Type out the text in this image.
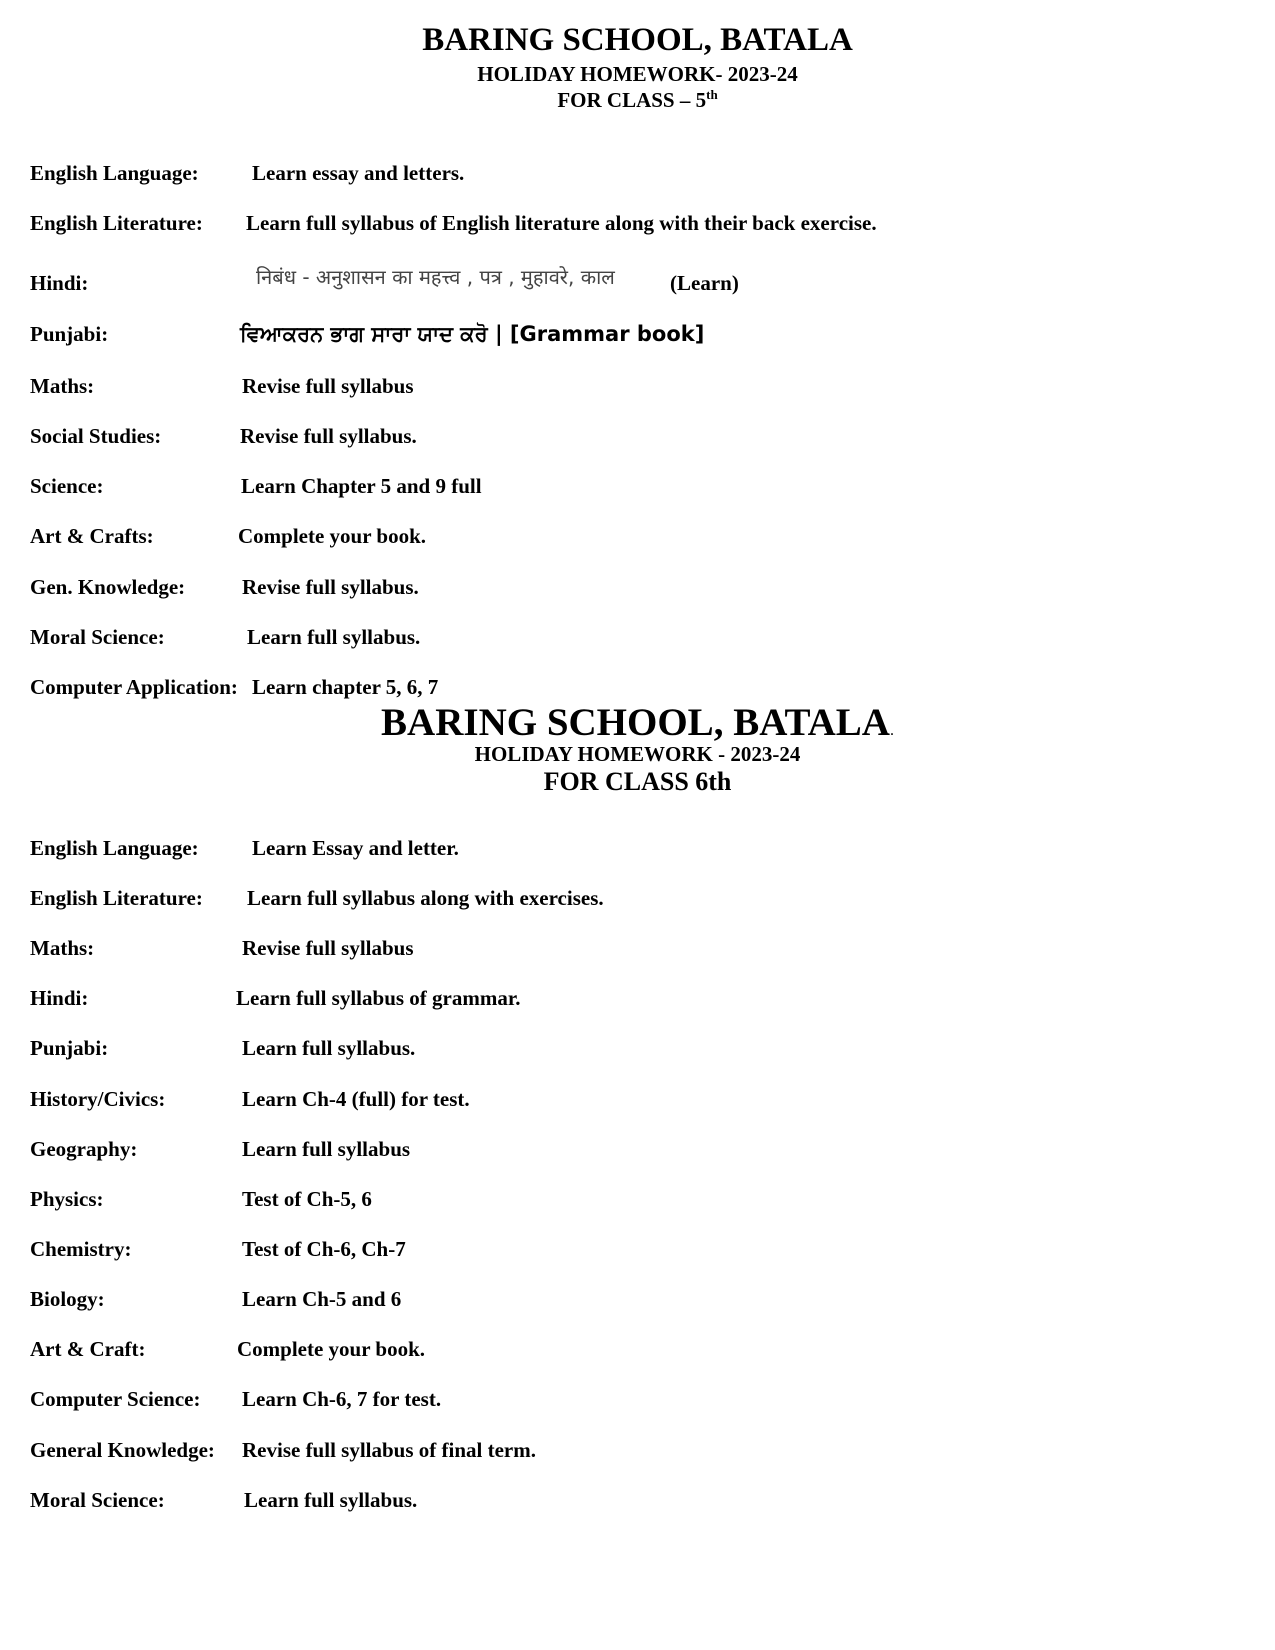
BARING SCHOOL, BATALA
HOLIDAY HOMEWORK- 2023-24
FOR CLASS – 5th
English Language:	Learn essay and letters.
English Literature: Learn full syllabus of English literature along with their back exercise.
Hindi:	निबंध - अनुशासन का महत्त्व , पत्र , मुहावरे, काल	(Learn)
Punjabi:	ਵਿਆਕਰਨ ਭਾਗ ਸਾਰਾ ਯਾਦ ਕਰੋ | [Grammar book]
Maths:	Revise full syllabus
Social Studies:	Revise full syllabus.
Science:	Learn Chapter 5 and 9 full
Art & Crafts:	Complete your book.
Gen. Knowledge:	Revise full syllabus.
Moral Science:	Learn full syllabus.
Computer Application: Learn chapter 5, 6, 7
BARING SCHOOL, BATALA.
HOLIDAY HOMEWORK - 2023-24
FOR CLASS 6th
English Language:	Learn Essay and letter.
English Literature: Learn full syllabus along with exercises.
Maths:	Revise full syllabus
Hindi:	Learn full syllabus of grammar.
Punjabi:	Learn full syllabus.
History/Civics:	Learn Ch-4 (full) for test.
Geography:	Learn full syllabus
Physics:	Test of Ch-5, 6
Chemistry:	Test of Ch-6, Ch-7
Biology:	Learn Ch-5 and 6
Art & Craft:	Complete your book.
Computer Science: Learn Ch-6, 7 for test.
General Knowledge: Revise full syllabus of final term.
Moral Science:	Learn full syllabus.
